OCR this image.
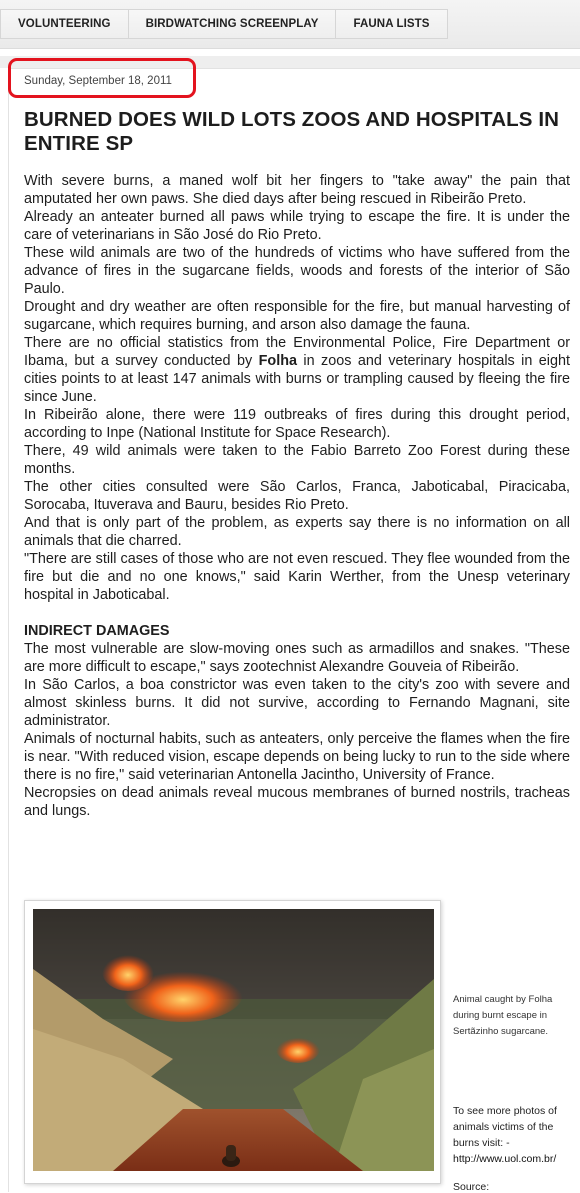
VOLUNTEERING	BIRDWATCHING SCREENPLAY	FAUNA LISTS
Sunday, September 18, 2011
BURNED DOES WILD LOTS ZOOS AND HOSPITALS IN ENTIRE SP

With severe burns, a maned wolf bit her fingers to "take away" the pain that amputated her own paws. She died days after being rescued in Ribeirão Preto.

Already an anteater burned all paws while trying to escape the fire. It is under the care of veterinarians in São José do Rio Preto.

These wild animals are two of the hundreds of victims who have suffered from the advance of fires in the sugarcane fields, woods and forests of the interior of São Paulo.

Drought and dry weather are often responsible for the fire, but manual harvesting of sugarcane, which requires burning, and arson also damage the fauna.

There are no official statistics from the Environmental Police, Fire Department or Ibama, but a survey conducted by Folha in zoos and veterinary hospitals in eight cities points to at least 147 animals with burns or trampling caused by fleeing the fire since June.

In Ribeirão alone, there were 119 outbreaks of fires during this drought period, according to Inpe (National Institute for Space Research).

There, 49 wild animals were taken to the Fabio Barreto Zoo Forest during these months.

The other cities consulted were São Carlos, Franca, Jaboticabal, Piracicaba, Sorocaba, Ituverava and Bauru, besides Rio Preto.

And that is only part of the problem, as experts say there is no information on all animals that die charred.

"There are still cases of those who are not even rescued. They flee wounded from the fire but die and no one knows," said Karin Werther, from the Unesp veterinary hospital in Jaboticabal.

INDIRECT DAMAGES

The most vulnerable are slow-moving ones such as armadillos and snakes. "These are more difficult to escape," says zootechnist Alexandre Gouveia of Ribeirão.

In São Carlos, a boa constrictor was even taken to the city's zoo with severe and almost skinless burns. It did not survive, according to Fernando Magnani, site administrator.

Animals of nocturnal habits, such as anteaters, only perceive the flames when the fire is near. "With reduced vision, escape depends on being lucky to run to the side where there is no fire," said veterinarian Antonella Jacintho, University of France.

Necropsies on dead animals reveal mucous membranes of burned nostrils, tracheas and lungs.

Animal caught by Folha during burnt escape in Sertãzinho sugarcane.
To see more photos of animals victims of the burns visit: -
http://www.uol.com.br/
Source:
